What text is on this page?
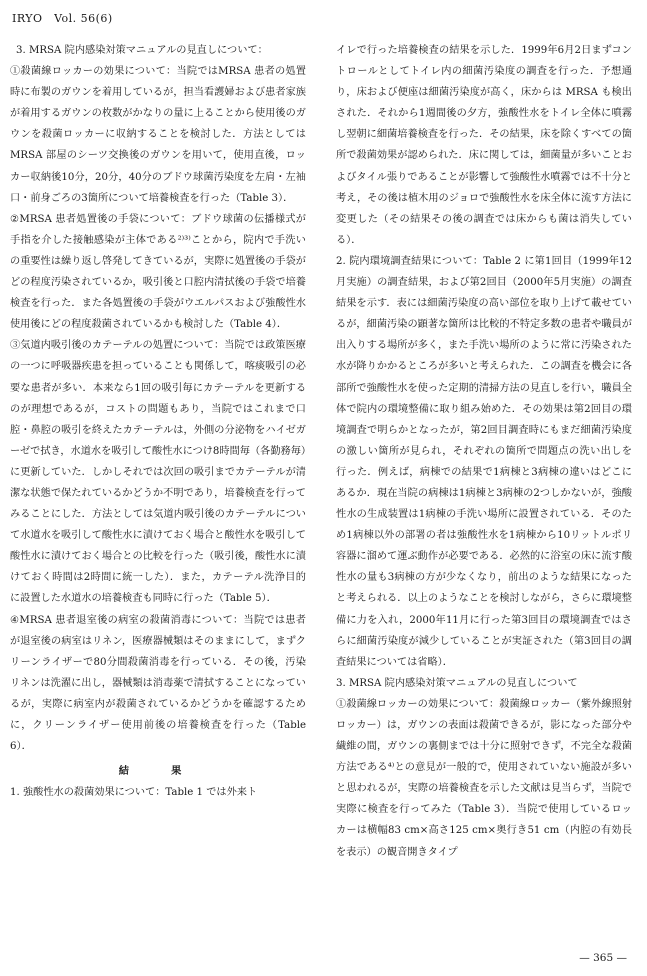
IRYO　Vol. 56(6)

3. MRSA 院内感染対策マニュアルの見直しについて：

①殺菌線ロッカーの効果について：当院ではMRSA 患者の処置時に布製のガウンを着用しているが，担当看護婦および患者家族が着用するガウンの枚数がかなりの量に上ることから使用後のガウンを殺菌ロッカーに収納することを検討した．方法としてはMRSA 部屋のシーツ交換後のガウンを用いて，使用直後，ロッカー収納後10分，20分，40分のブドウ球菌汚染度を左肩・左袖口・前身ごろの3箇所について培養検査を行った（Table 3）．

②MRSA 患者処置後の手袋について：ブドウ球菌の伝播様式が手指を介した接触感染が主体である²⁾³⁾ことから，院内で手洗いの重要性は繰り返し啓発してきているが，実際に処置後の手袋がどの程度汚染されているか，吸引後と口腔内清拭後の手袋で培養検査を行った．また各処置後の手袋がウエルパスおよび強酸性水使用後にどの程度殺菌されているかも検討した（Table 4）．

③気道内吸引後のカテーテルの処置について：当院では政策医療の一つに呼吸器疾患を担っていることも関係して，喀痰吸引の必要な患者が多い．本来なら1回の吸引毎にカテーテルを更新するのが理想であるが，コストの問題もあり，当院ではこれまで口腔・鼻腔の吸引を終えたカテーテルは，外側の分泌物をハイゼガーゼで拭き，水道水を吸引して酸性水につけ8時間毎（各勤務毎）に更新していた．しかしそれでは次回の吸引までカテーテルが清潔な状態で保たれているかどうか不明であり，培養検査を行ってみることにした．方法としては気道内吸引後のカテーテルについて水道水を吸引して酸性水に漬けておく場合と酸性水を吸引して酸性水に漬けておく場合との比較を行った（吸引後，酸性水に漬けておく時間は2時間に統一した）．また，カテーテル洗浄目的に設置した水道水の培養検査も同時に行った（Table 5）．

④MRSA 患者退室後の病室の殺菌消毒について：当院では患者が退室後の病室はリネン，医療器械類はそのままにして，まずクリーンライザーで80分間殺菌消毒を行っている．その後，汚染リネンは洗濯に出し，器械類は消毒薬で清拭することになっているが，実際に病室内が殺菌されているかどうかを確認するために，クリーンライザー使用前後の培養検査を行った（Table 6）．

結　果

1. 強酸性水の殺菌効果について：Table 1 では外来ト

イレで行った培養検査の結果を示した．1999年6月2日まずコントロールとしてトイレ内の細菌汚染度の調査を行った．予想通り，床および便座は細菌汚染度が高く，床からは MRSA も検出された．それから1週間後の夕方，強酸性水をトイレ全体に噴霧し翌朝に細菌培養検査を行った．その結果，床を除くすべての箇所で殺菌効果が認められた．床に関しては，細菌量が多いことおよびタイル張りであることが影響して強酸性水噴霧では不十分と考え，その後は植木用のジョロで強酸性水を床全体に流す方法に変更した（その結果その後の調査では床からも菌は消失している）．

2. 院内環境調査結果について：Table 2 に第1回目（1999年12月実施）の調査結果，および第2回目（2000年5月実施）の調査結果を示す．表には細菌汚染度の高い部位を取り上げて載せているが，細菌汚染の顕著な箇所は比較的不特定多数の患者や職員が出入りする場所が多く，また手洗い場所のように常に汚染された水が降りかかるところが多いと考えられた．この調査を機会に各部所で強酸性水を使った定期的清掃方法の見直しを行い，職員全体で院内の環境整備に取り組み始めた．その効果は第2回目の環境調査で明らかとなったが，第2回目調査時にもまだ細菌汚染度の激しい箇所が見られ，それぞれの箇所で問題点の洗い出しを行った．例えば，病棟での結果で1病棟と3病棟の違いはどこにあるか．現在当院の病棟は1病棟と3病棟の2つしかないが，強酸性水の生成装置は1病棟の手洗い場所に設置されている．そのため1病棟以外の部署の者は強酸性水を1病棟から10リットルポリ容器に溜めて運ぶ動作が必要である．必然的に浴室の床に流す酸性水の量も3病棟の方が少なくなり，前出のような結果になったと考えられる．以上のようなことを検討しながら，さらに環境整備に力を入れ，2000年11月に行った第3回目の環境調査ではさらに細菌汚染度が減少していることが実証された（第3回目の調査結果については省略）．

3. MRSA 院内感染対策マニュアルの見直しについて

①殺菌線ロッカーの効果について：殺菌線ロッカー（紫外線照射ロッカー）は，ガウンの表面は殺菌できるが，影になった部分や繊維の間，ガウンの裏側までは十分に照射できず，不完全な殺菌方法である⁴⁾との意見が一般的で，使用されていない施設が多いと思われるが，実際の培養検査を示した文献は見当らず，当院で実際に検査を行ってみた（Table 3）．当院で使用しているロッカーは横幅83 cm×高さ125 cm×奥行き51 cm（内腔の有効長を表示）の観音開きタイプ

— 365 —
